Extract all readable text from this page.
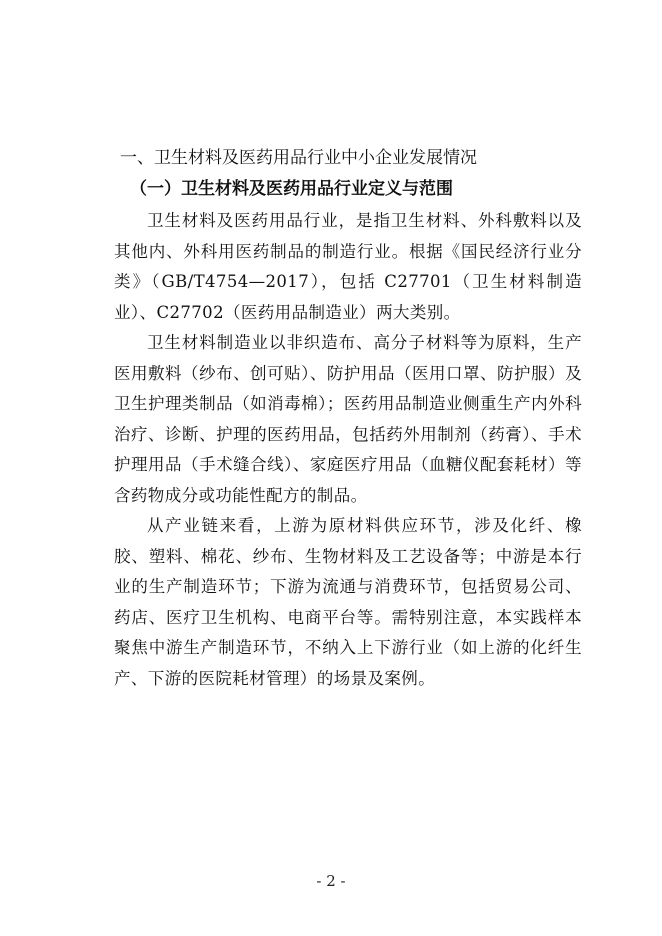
一、卫生材料及医药用品行业中小企业发展情况
（一）卫生材料及医药用品行业定义与范围

卫生材料及医药用品行业，是指卫生材料、外科敷料以及其他内、外科用医药制品的制造行业。根据《国民经济行业分类》（GB/T4754—2017），包括 C27701（卫生材料制造业）、C27702（医药用品制造业）两大类别。

卫生材料制造业以非织造布、高分子材料等为原料，生产医用敷料（纱布、创可贴）、防护用品（医用口罩、防护服）及卫生护理类制品（如消毒棉）；医药用品制造业侧重生产内外科治疗、诊断、护理的医药用品，包括药外用制剂（药膏）、手术护理用品（手术缝合线）、家庭医疗用品（血糖仪配套耗材）等含药物成分或功能性配方的制品。

从产业链来看，上游为原材料供应环节，涉及化纤、橡胶、塑料、棉花、纱布、生物材料及工艺设备等；中游是本行业的生产制造环节；下游为流通与消费环节，包括贸易公司、药店、医疗卫生机构、电商平台等。需特别注意，本实践样本聚焦中游生产制造环节，不纳入上下游行业（如上游的化纤生产、下游的医院耗材管理）的场景及案例。

- 2 -
